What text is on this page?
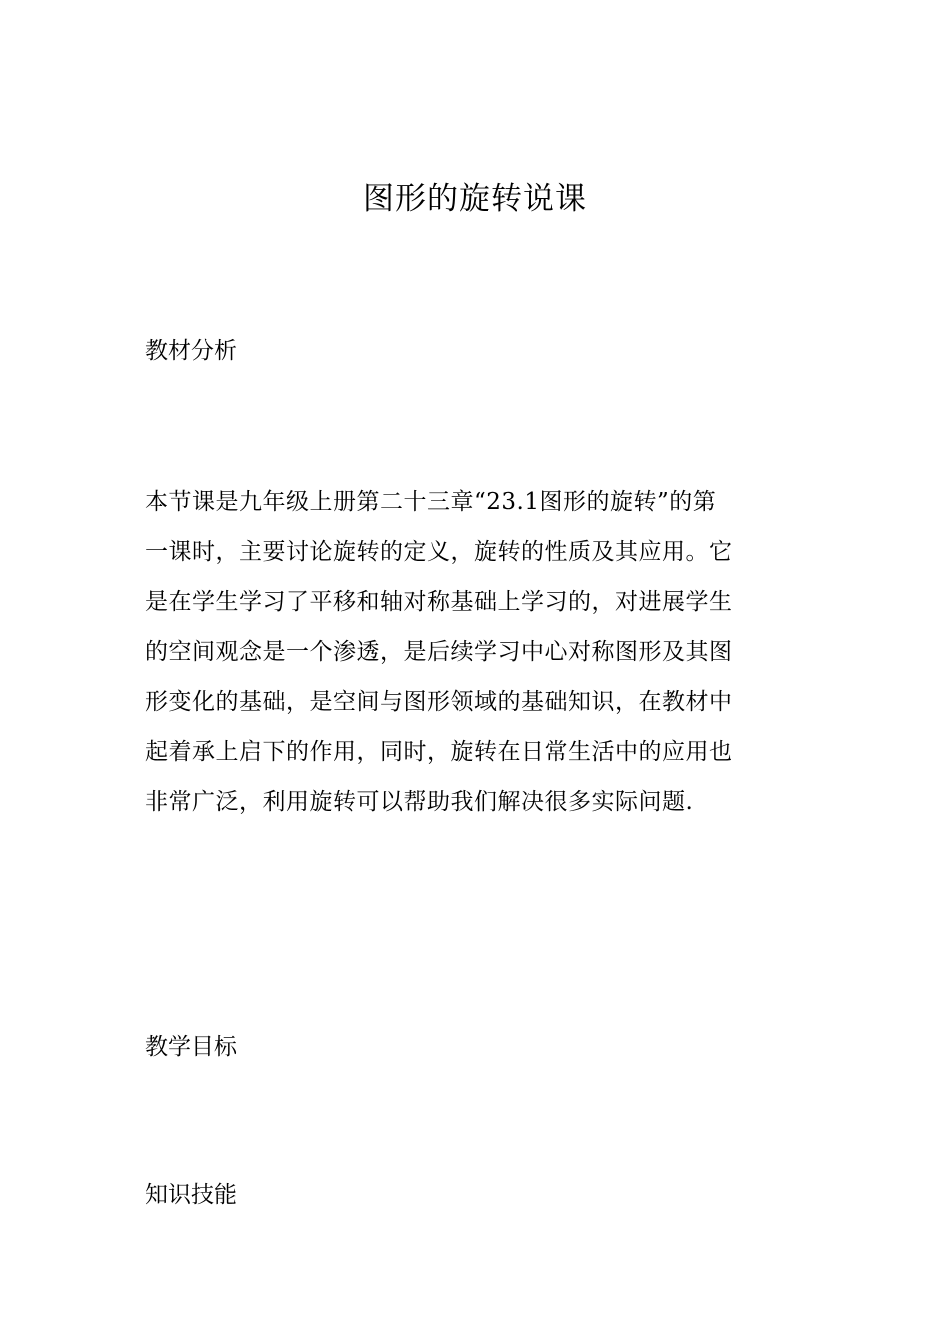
图形的旋转说课
教材分析
本节课是九年级上册第二十三章“23.1图形的旋转”的第
一课时，主要讨论旋转的定义，旋转的性质及其应用。它
是在学生学习了平移和轴对称基础上学习的，对进展学生
的空间观念是一个渗透，是后续学习中心对称图形及其图
形变化的基础，是空间与图形领域的基础知识，在教材中
起着承上启下的作用，同时，旋转在日常生活中的应用也
非常广泛，利用旋转可以帮助我们解决很多实际问题.
教学目标
知识技能
